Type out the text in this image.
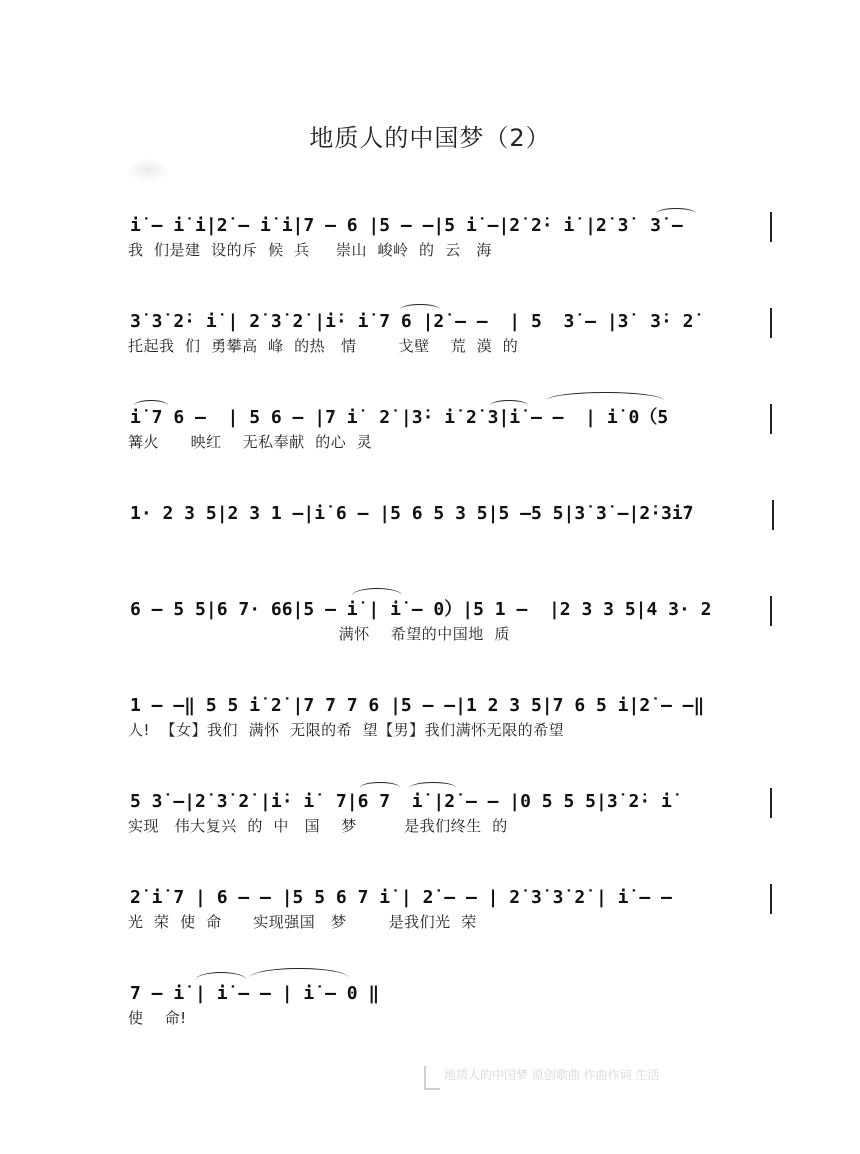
地质人的中国梦（2）
i̇ – i̇ i̇|2̇ – i̇ i̇|7 – 6 |5 – –|5 i̇ –|2̇ 2̇· i̇ |2̇ 3̇  3̇ –
我  们是建  设的斥  候  兵     崇山  峻岭  的  云   海
3̇ 3̇ 2̇· i̇ | 2̇ 3̇ 2̇ |i̇· i̇ 7 6 |2̇ – –  | 5  3̇ – |3̇  3̇· 2̇
托起我  们  勇攀高  峰  的热   情        戈壁    荒  漠  的
i̇ 7 6 –  | 5 6 – |7 i̇  2̇ |3̇· i̇ 2̇ 3̇|i̇ – –  | i̇ 0（5
篝火      映红    无私奉献  的心  灵
1· 2 3 5|2 3 1 –|i̇ 6 – |5 6 5 3 5|5 –5 5|3̇ 3̇ –|2̇·3̇i̇7
6 – 5 5|6 7· 66|5 – i̇ | i̇ – 0）|5 1 –  |2 3 3 5|4 3· 2
满怀    希望的中国地  质
1 – –‖ 5 5 i̇ 2̇ |7 7 7 6 |5 – –|1 2 3 5|7 6 5 i̇|2̇ – –‖
人!  【女】我们  满怀  无限的希  望【男】我们满怀无限的希望
5 3̇ –|2̇ 3̇ 2̇ |i̇· i̇  7|6 7  i̇ |2̇ – – |0 5 5 5|3̇ 2̇· i̇
实现   伟大复兴  的  中   国    梦         是我们终生  的
2̇ i̇ 7 | 6 – – |5 5 6 7 i̇ | 2̇ – – | 2̇ 3̇ 3̇ 2̇ | i̇ – –
光  荣  使  命      实现强国   梦        是我们光  荣
7 – i̇ | i̇ – – | i̇ – 0 ‖
使    命!
地质人的中国梦 原创歌曲 作曲作词 生活
